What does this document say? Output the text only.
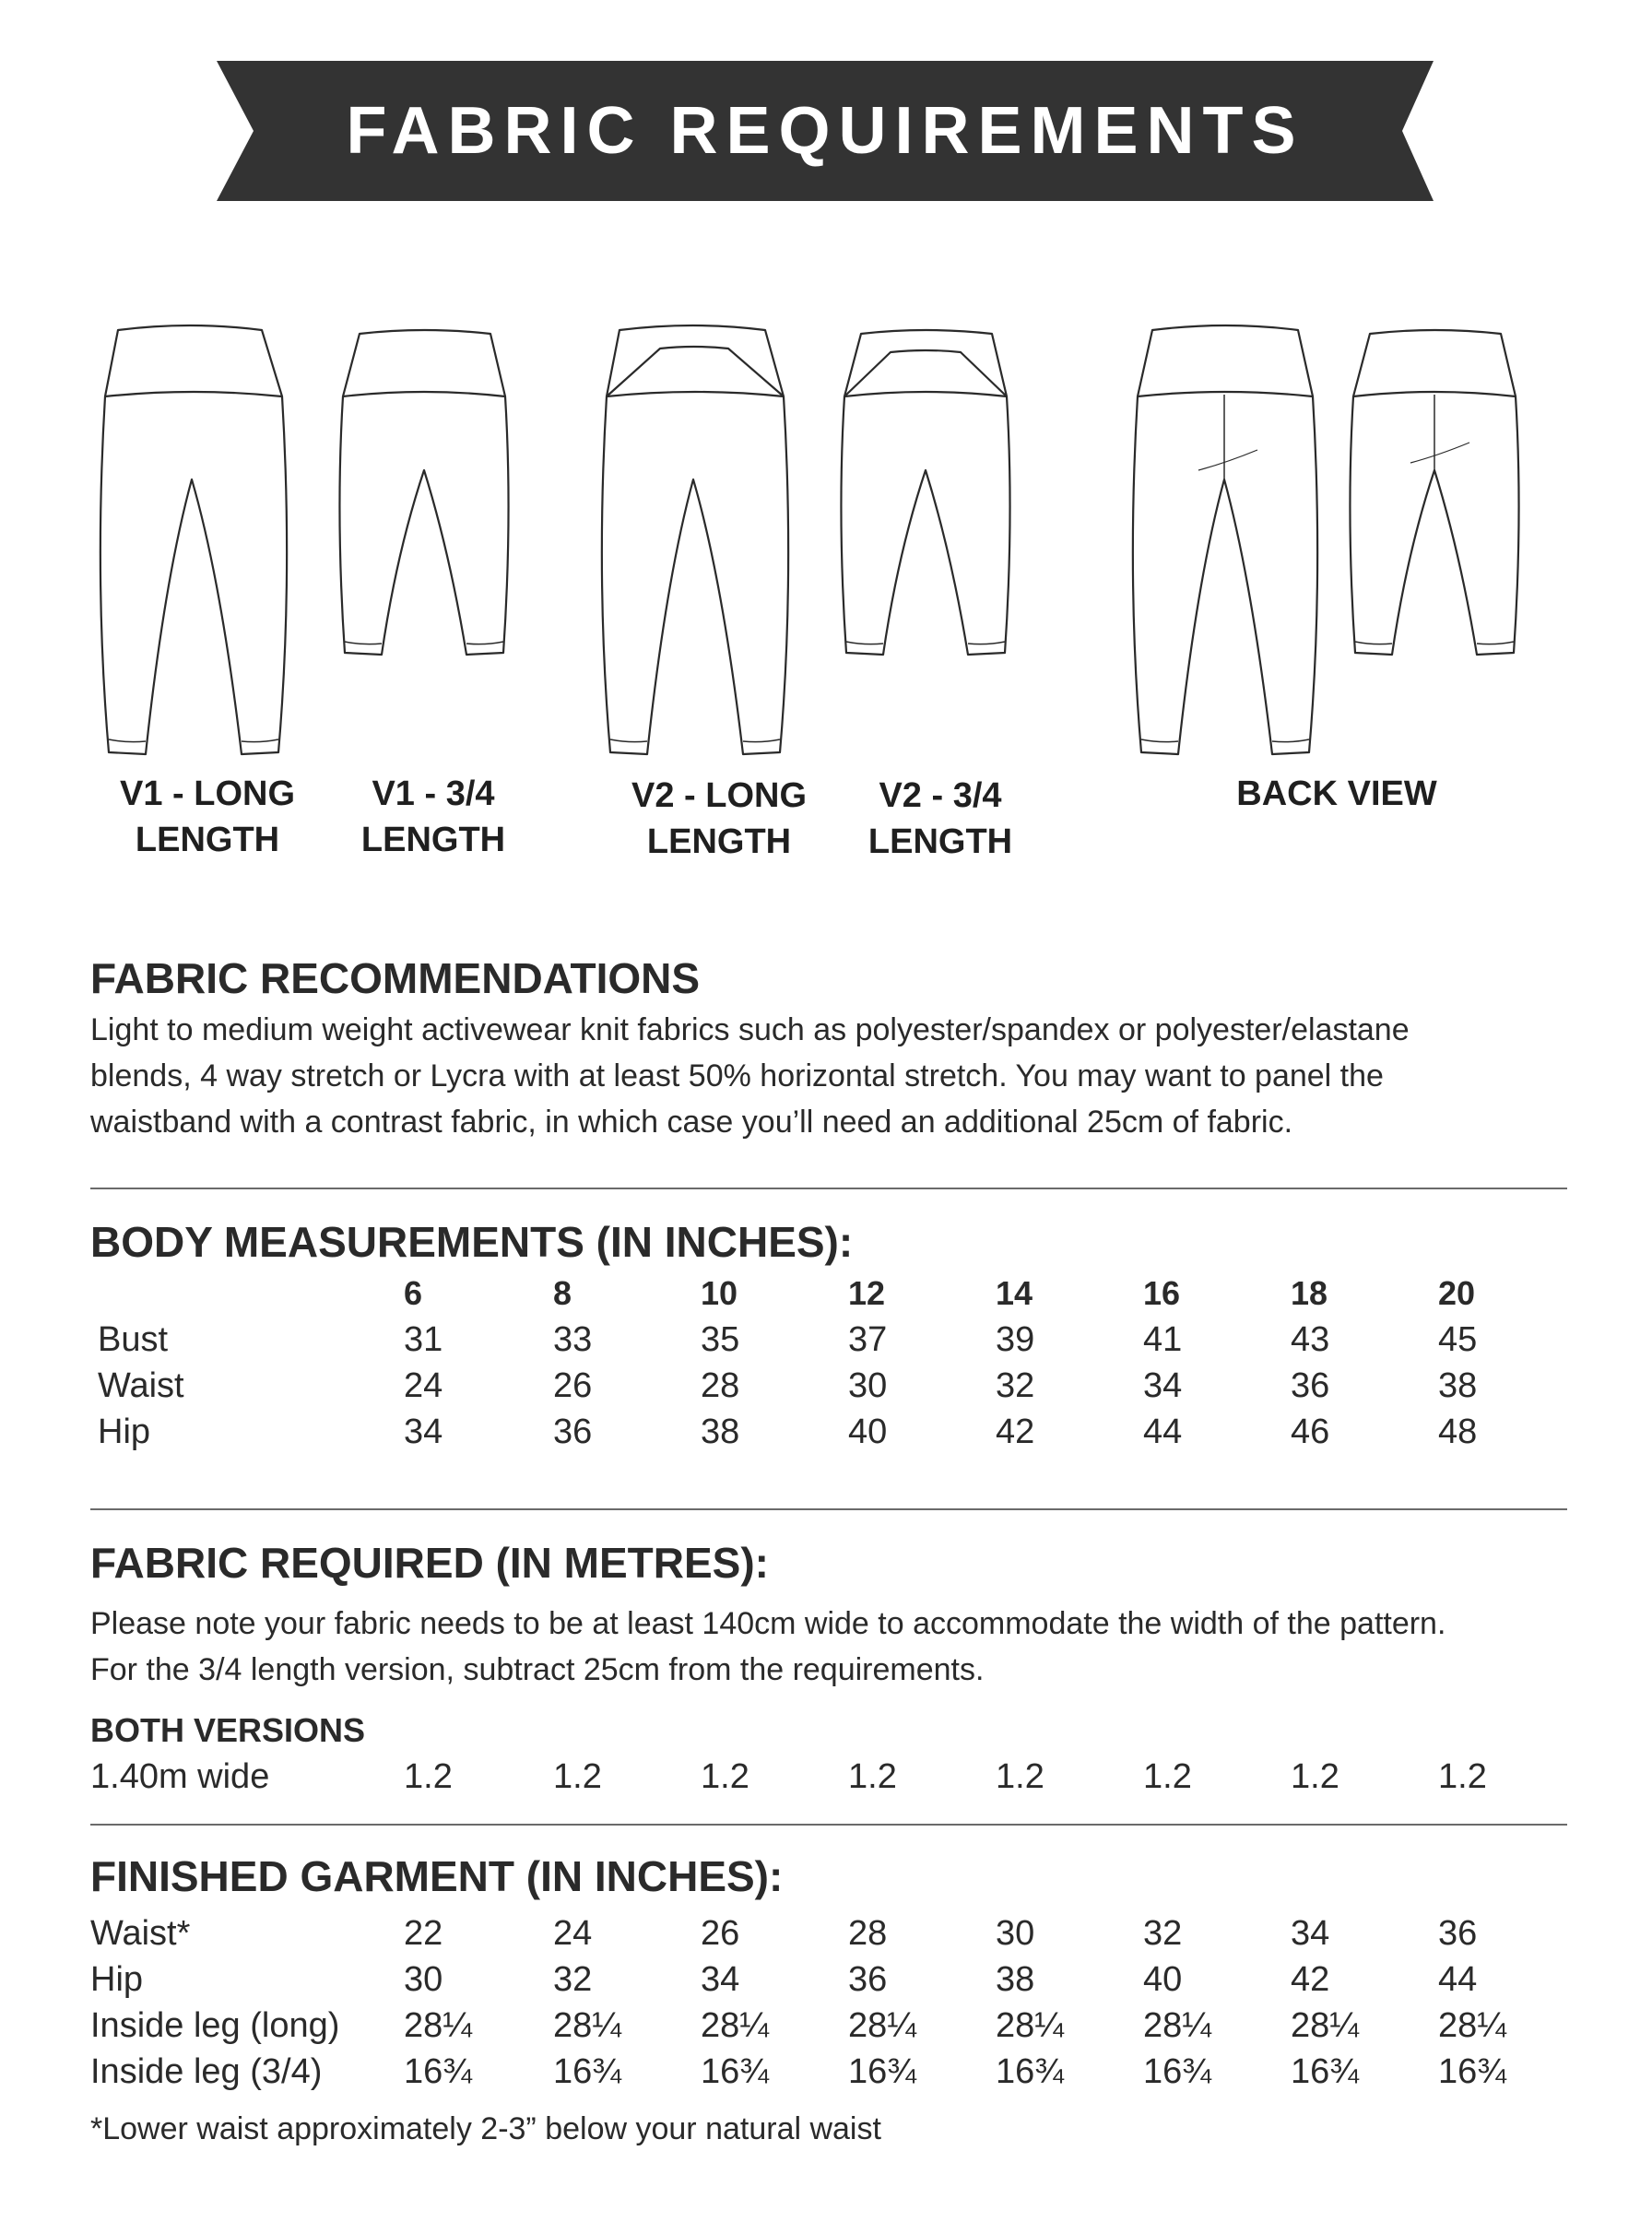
FABRIC REQUIREMENTS
V1 - LONG
LENGTH
V1 - 3/4
LENGTH
V2 - LONG
LENGTH
V2 - 3/4
LENGTH
BACK VIEW
FABRIC RECOMMENDATIONS
Light to medium weight activewear knit fabrics such as polyester/spandex or polyester/elastane
blends, 4 way stretch or Lycra with at least 50% horizontal stretch. You may want to panel the
waistband with a contrast fabric, in which case you’ll need an additional 25cm of fabric.
BODY MEASUREMENTS (IN INCHES):
6	8	10	12	14	16	18	20
Bust	31	33	35	37	39	41	43	45
Waist	24	26	28	30	32	34	36	38
Hip	34	36	38	40	42	44	46	48
FABRIC REQUIRED (IN METRES):
Please note your fabric needs to be at least 140cm wide to accommodate the width of the pattern.
For the 3/4 length version, subtract 25cm from the requirements.
BOTH VERSIONS
1.40m wide	1.2	1.2	1.2	1.2	1.2	1.2	1.2	1.2
FINISHED GARMENT (IN INCHES):
Waist*	22	24	26	28	30	32	34	36
Hip	30	32	34	36	38	40	42	44
Inside leg (long) 28¼	28¼	28¼	28¼	28¼	28¼	28¼	28¼
Inside leg (3/4) 16¾	16¾	16¾	16¾	16¾	16¾	16¾	16¾
*Lower waist approximately 2-3” below your natural waist
